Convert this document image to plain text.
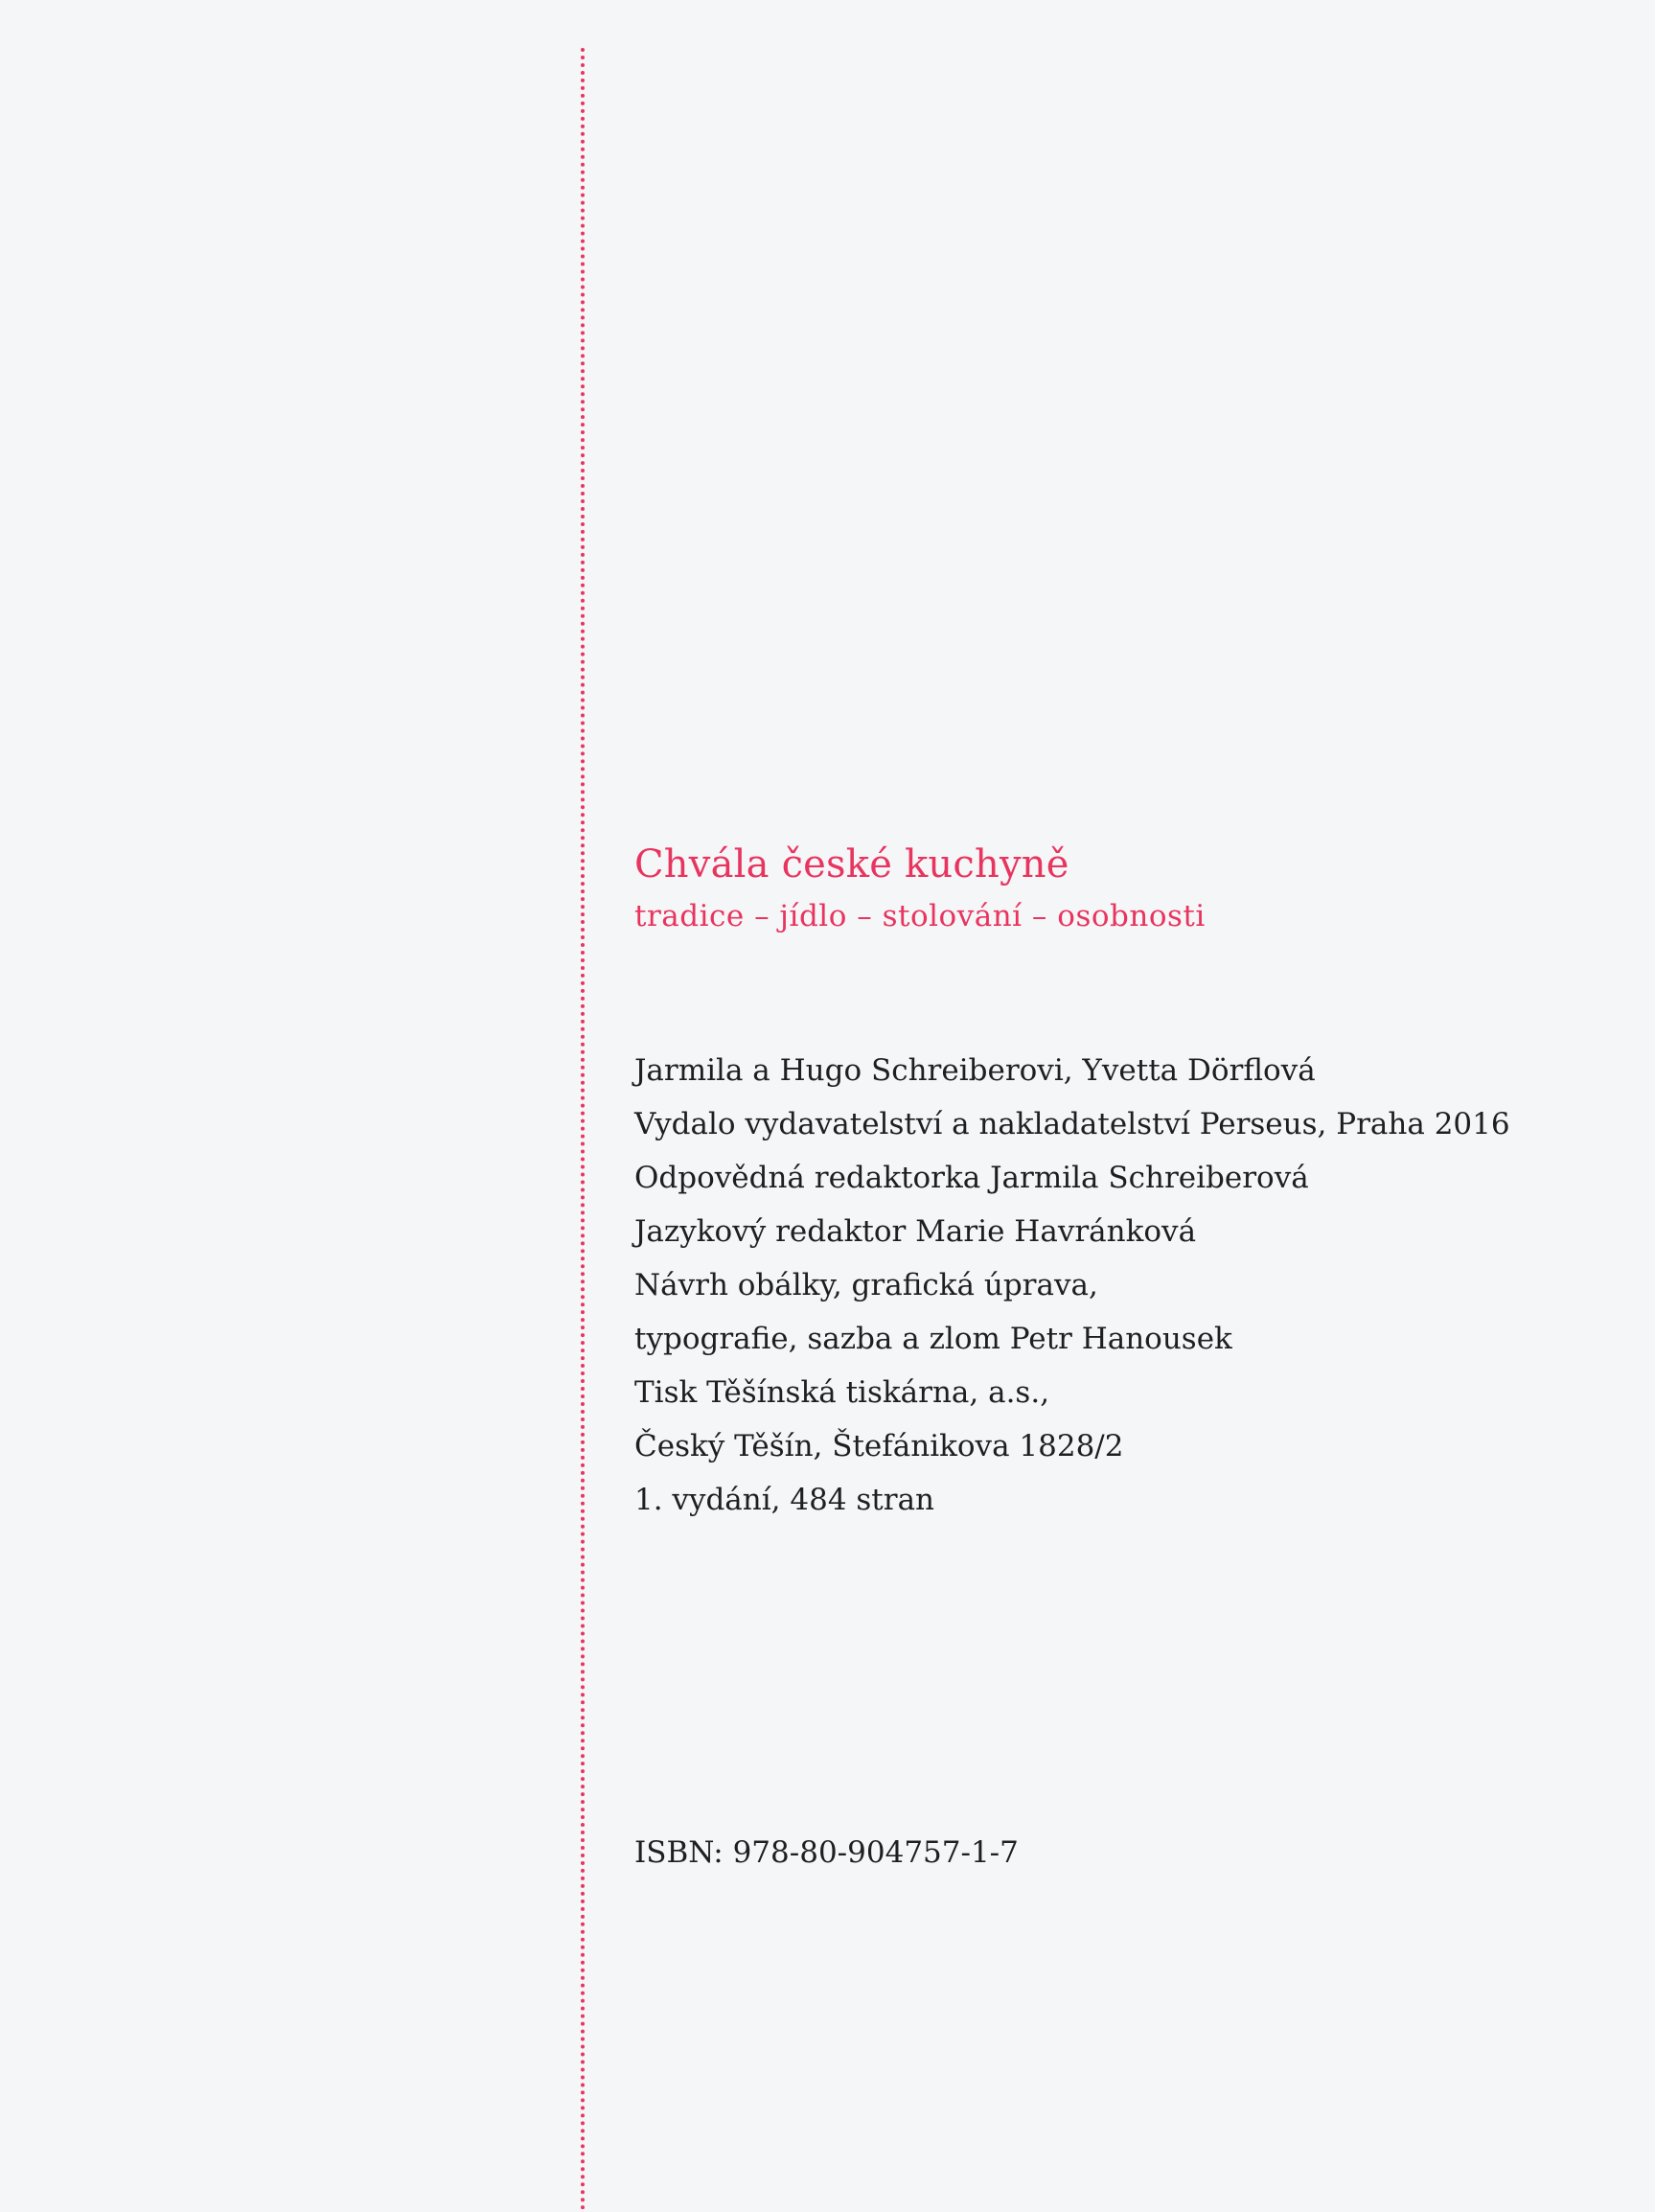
Chvála české kuchyně
tradice – jídlo – stolování – osobnosti
Jarmila a Hugo Schreiberovi, Yvetta Dörflová
Vydalo vydavatelství a nakladatelství Perseus, Praha 2016
Odpovědná redaktorka Jarmila Schreiberová
Jazykový redaktor Marie Havránková
Návrh obálky, grafická úprava,
typografie, sazba a zlom Petr Hanousek
Tisk Těšínská tiskárna, a.s.,
Český Těšín, Štefánikova 1828/2
1. vydání, 484 stran
ISBN: 978-80-904757-1-7
